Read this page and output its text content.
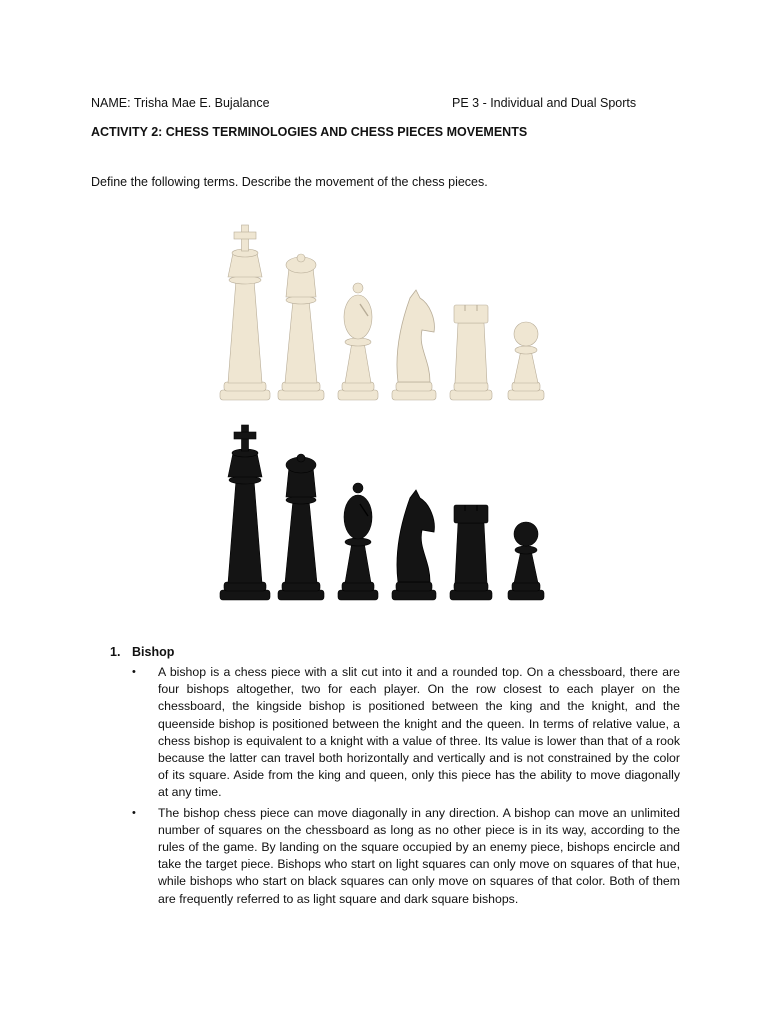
NAME: Trisha Mae E. Bujalance	PE 3 - Individual and Dual Sports
ACTIVITY 2: CHESS TERMINOLOGIES AND CHESS PIECES MOVEMENTS
Define the following terms. Describe the movement of the chess pieces.
1. Bishop
• A bishop is a chess piece with a slit cut into it and a rounded top. On a chessboard, there are four bishops altogether, two for each player. On the row closest to each player on the chessboard, the kingside bishop is positioned between the king and the knight, and the queenside bishop is positioned between the knight and the queen. In terms of relative value, a chess bishop is equivalent to a knight with a value of three. Its value is lower than that of a rook because the latter can travel both horizontally and vertically and is not constrained by the color of its square. Aside from the king and queen, only this piece has the ability to move diagonally at any time.
• The bishop chess piece can move diagonally in any direction. A bishop can move an unlimited number of squares on the chessboard as long as no other piece is in its way, according to the rules of the game. By landing on the square occupied by an enemy piece, bishops encircle and take the target piece. Bishops who start on light squares can only move on squares of that hue, while bishops who start on black squares can only move on squares of that color. Both of them are frequently referred to as light square and dark square bishops.
